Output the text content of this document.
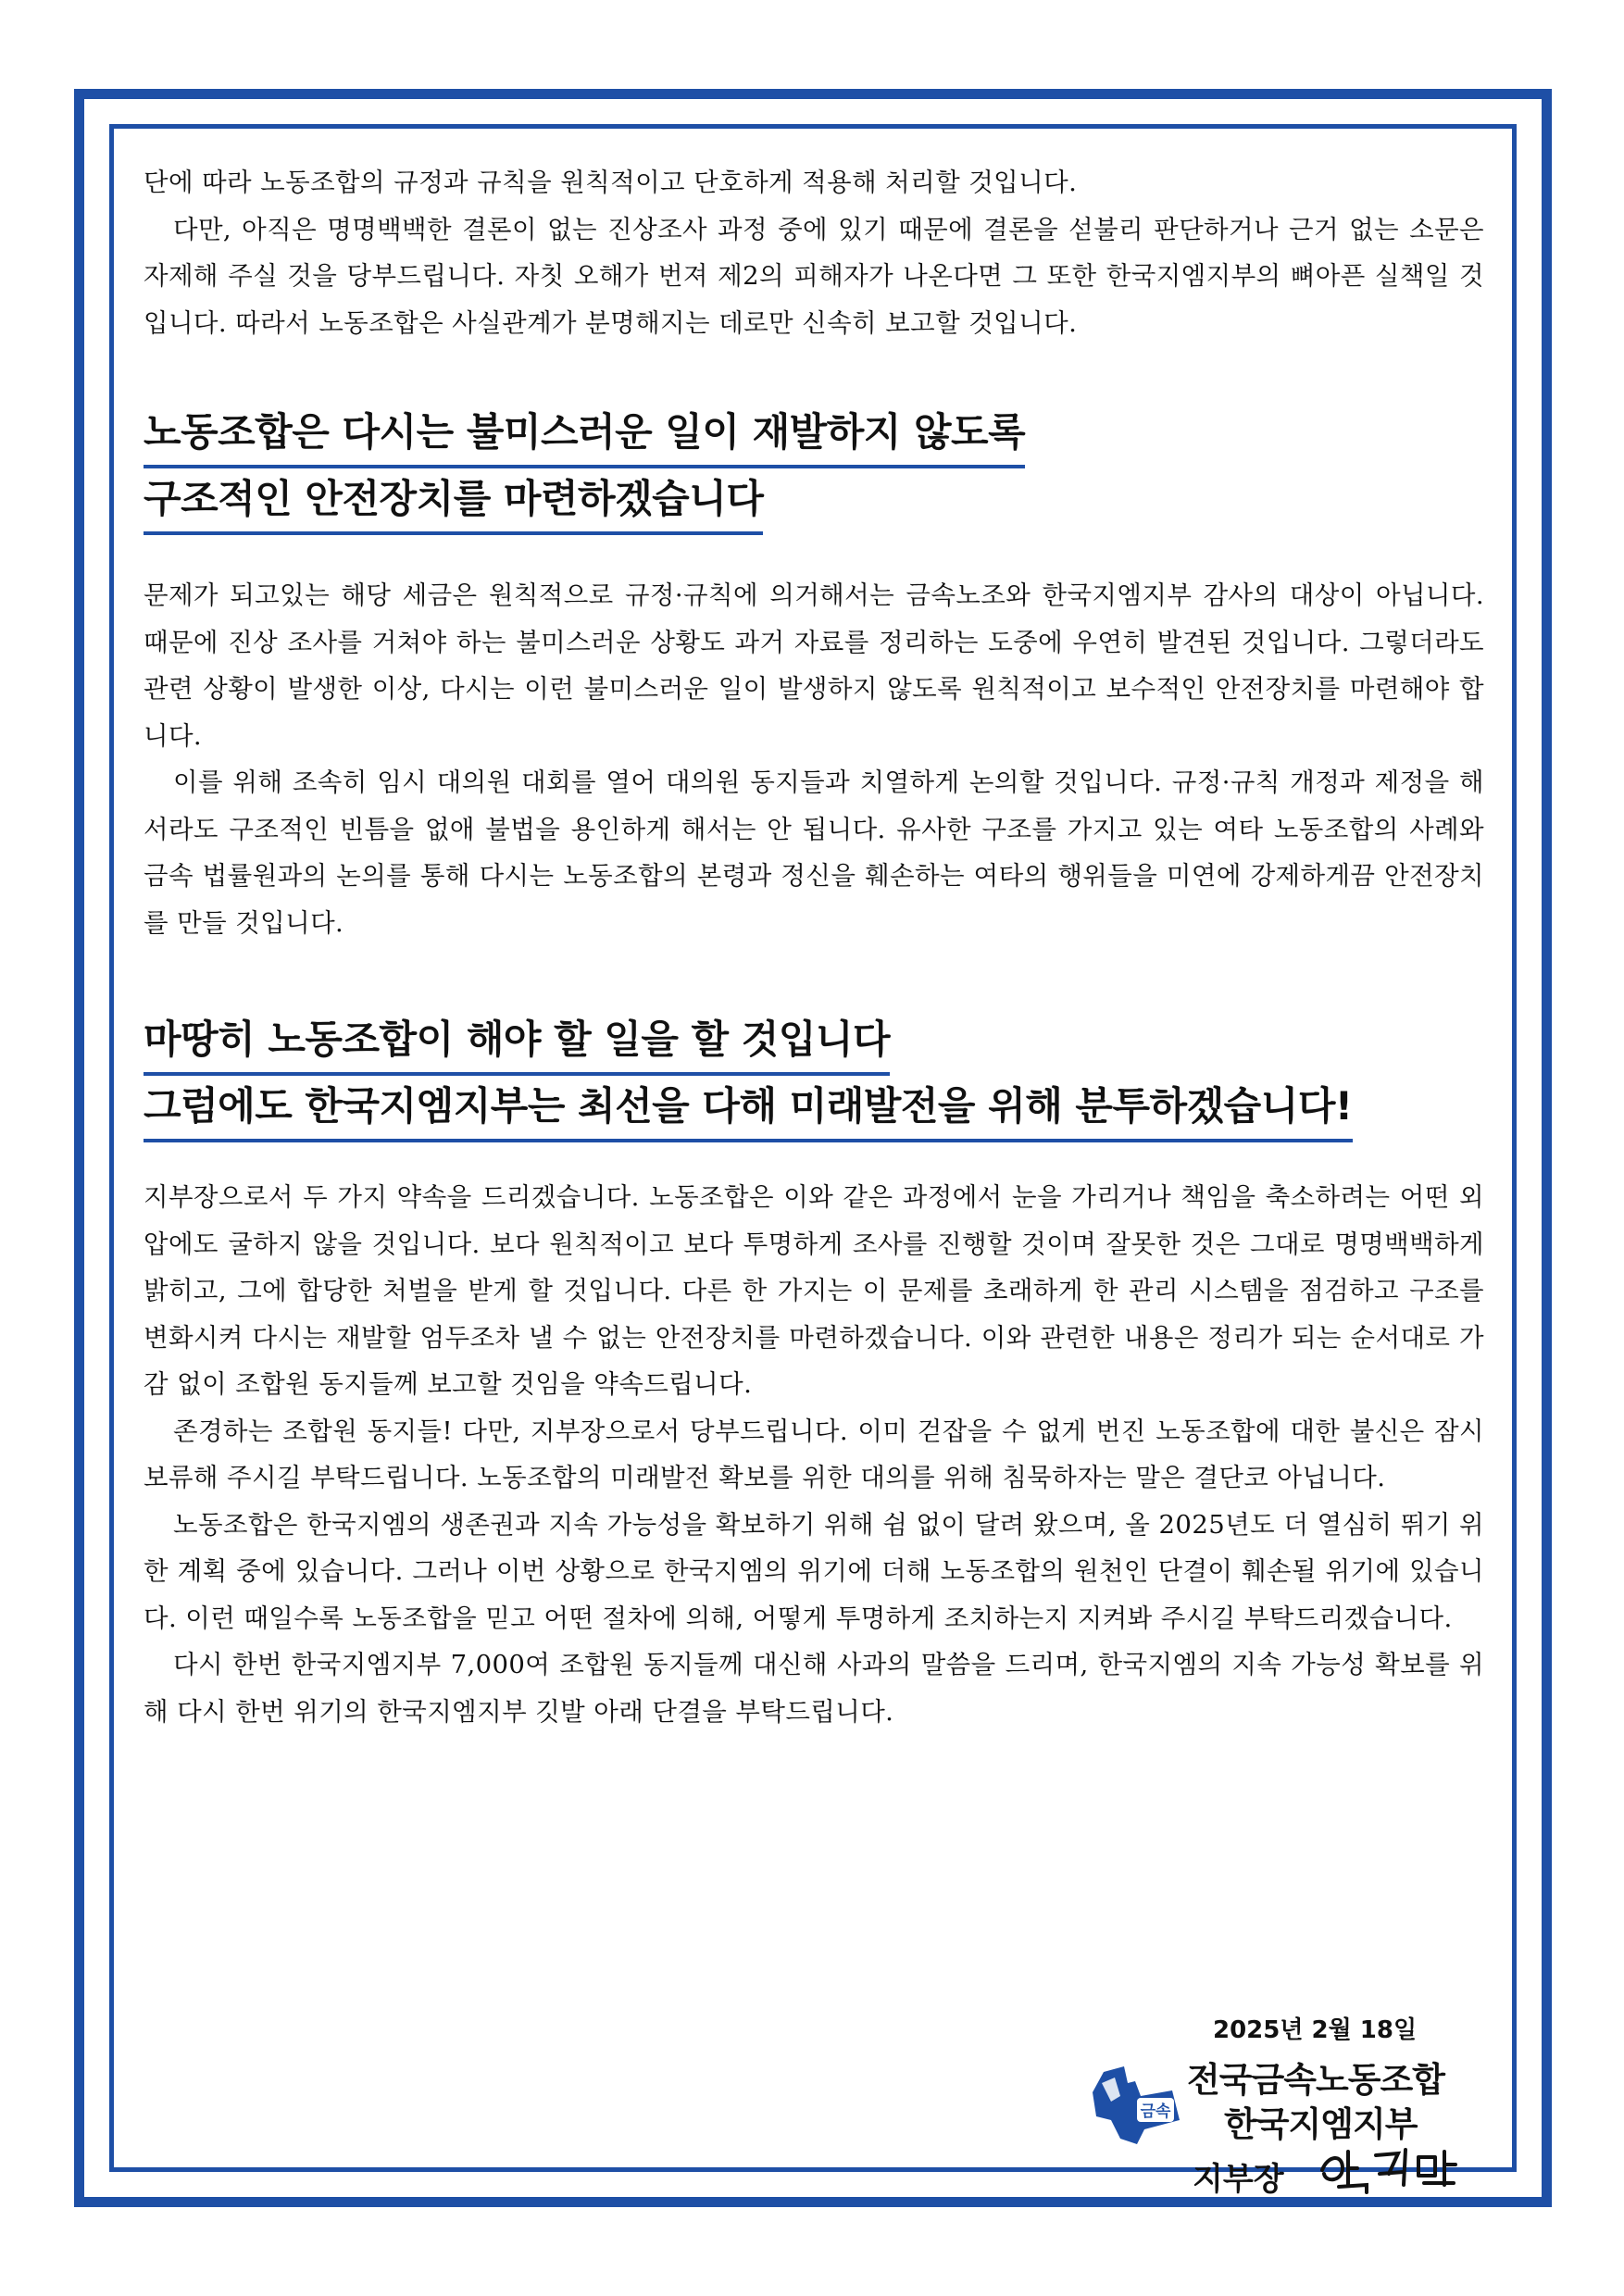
단에 따라 노동조합의 규정과 규칙을 원칙적이고 단호하게 적용해 처리할 것입니다.

다만, 아직은 명명백백한 결론이 없는 진상조사 과정 중에 있기 때문에 결론을 섣불리 판단하거나 근거 없는 소문은 자제해 주실 것을 당부드립니다. 자칫 오해가 번져 제2의 피해자가 나온다면 그 또한 한국지엠지부의 뼈아픈 실책일 것입니다. 따라서 노동조합은 사실관계가 분명해지는 데로만 신속히 보고할 것입니다.

노동조합은 다시는 불미스러운 일이 재발하지 않도록
구조적인 안전장치를 마련하겠습니다

문제가 되고있는 해당 세금은 원칙적으로 규정·규칙에 의거해서는 금속노조와 한국지엠지부 감사의 대상이 아닙니다. 때문에 진상 조사를 거쳐야 하는 불미스러운 상황도 과거 자료를 정리하는 도중에 우연히 발견된 것입니다. 그렇더라도 관련 상황이 발생한 이상, 다시는 이런 불미스러운 일이 발생하지 않도록 원칙적이고 보수적인 안전장치를 마련해야 합니다.

이를 위해 조속히 임시 대의원 대회를 열어 대의원 동지들과 치열하게 논의할 것입니다. 규정·규칙 개정과 제정을 해서라도 구조적인 빈틈을 없애 불법을 용인하게 해서는 안 됩니다. 유사한 구조를 가지고 있는 여타 노동조합의 사례와 금속 법률원과의 논의를 통해 다시는 노동조합의 본령과 정신을 훼손하는 여타의 행위들을 미연에 강제하게끔 안전장치를 만들 것입니다.

마땅히 노동조합이 해야 할 일을 할 것입니다
그럼에도 한국지엠지부는 최선을 다해 미래발전을 위해 분투하겠습니다!

지부장으로서 두 가지 약속을 드리겠습니다. 노동조합은 이와 같은 과정에서 눈을 가리거나 책임을 축소하려는 어떤 외압에도 굴하지 않을 것입니다. 보다 원칙적이고 보다 투명하게 조사를 진행할 것이며 잘못한 것은 그대로 명명백백하게 밝히고, 그에 합당한 처벌을 받게 할 것입니다. 다른 한 가지는 이 문제를 초래하게 한 관리 시스템을 점검하고 구조를 변화시켜 다시는 재발할 엄두조차 낼 수 없는 안전장치를 마련하겠습니다. 이와 관련한 내용은 정리가 되는 순서대로 가감 없이 조합원 동지들께 보고할 것임을 약속드립니다.

존경하는 조합원 동지들! 다만, 지부장으로서 당부드립니다. 이미 걷잡을 수 없게 번진 노동조합에 대한 불신은 잠시 보류해 주시길 부탁드립니다. 노동조합의 미래발전 확보를 위한 대의를 위해 침묵하자는 말은 결단코 아닙니다.

노동조합은 한국지엠의 생존권과 지속 가능성을 확보하기 위해 쉼 없이 달려 왔으며, 올 2025년도 더 열심히 뛰기 위한 계획 중에 있습니다. 그러나 이번 상황으로 한국지엠의 위기에 더해 노동조합의 원천인 단결이 훼손될 위기에 있습니다. 이런 때일수록 노동조합을 믿고 어떤 절차에 의해, 어떻게 투명하게 조치하는지 지켜봐 주시길 부탁드리겠습니다.

다시 한번 한국지엠지부 7,000여 조합원 동지들께 대신해 사과의 말씀을 드리며, 한국지엠의 지속 가능성 확보를 위해 다시 한번 위기의 한국지엠지부 깃발 아래 단결을 부탁드립니다.

2025년 2월 18일
금속
전국금속노동조합
한국지엠지부
지부장
